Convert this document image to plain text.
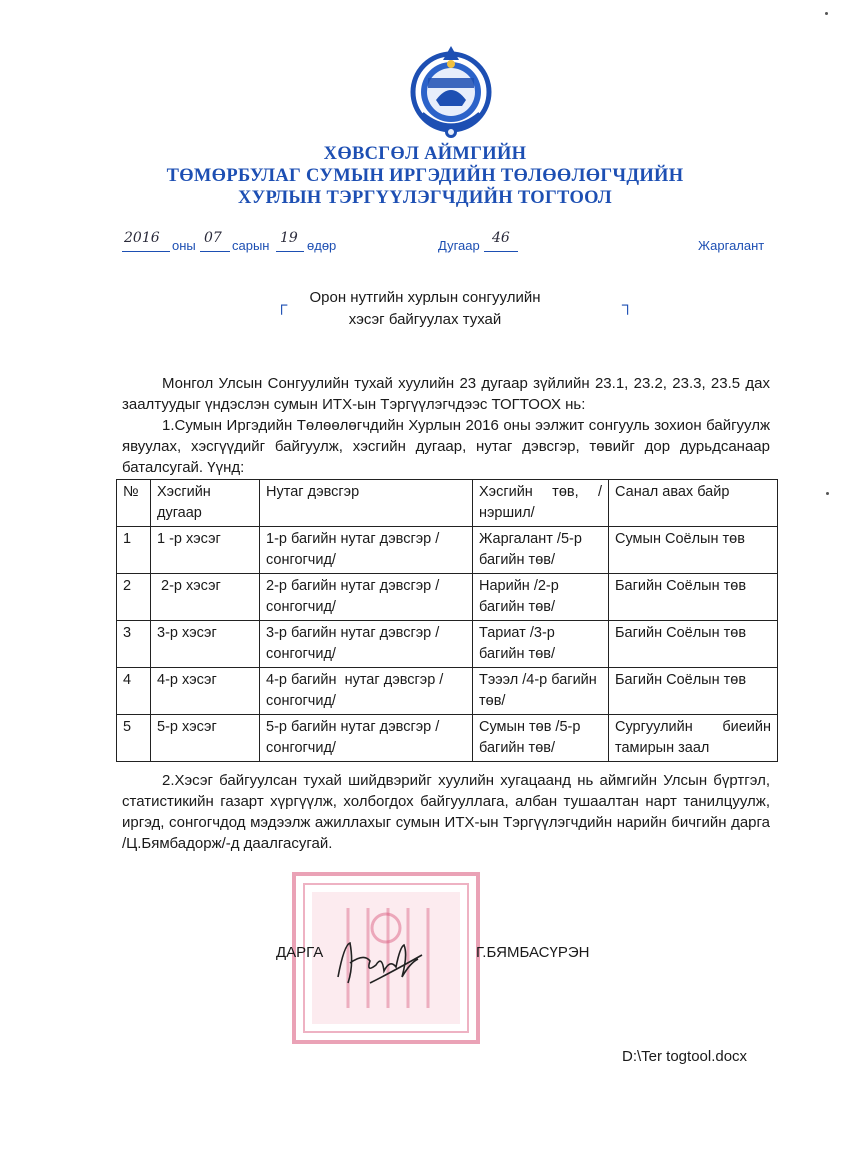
ХӨВСГӨЛ АЙМГИЙН
ТӨМӨРБУЛАГ СУМЫН ИРГЭДИЙН ТӨЛӨӨЛӨГЧДИЙН
ХУРЛЫН ТЭРГҮҮЛЭГЧДИЙН ТОГТООЛ
2016 оны 07 сарын 19 өдөр	Дугаар 46	Жаргалант
┌	┐
Орон нутгийн хурлын сонгуулийн
хэсэг байгуулах тухай
Монгол Улсын Сонгуулийн тухай хуулийн 23 дугаар зүйлийн 23.1, 23.2, 23.3, 23.5 дах заалтуудыг үндэслэн сумын ИТХ-ын Тэргүүлэгчдээс ТОГТООХ нь:
1.Сумын Иргэдийн Төлөөлөгчдийн Хурлын 2016 оны ээлжит сонгууль зохион байгуулж явуулах, хэсгүүдийг байгуулж, хэсгийн дугаар, нутаг дэвсгэр, төвийг дор дурьдсанаар баталсугай. Үүнд:
№	Хэсгийн дугаар	Нутаг дэвсгэр	Хэсгийн төв, /нэршил/	Санал авах байр
1	1 -р хэсэг	1-р багийн нутаг дэвсгэр /сонгогчид/	Жаргалант /5-р багийн төв/	Сумын Соёлын төв
2	2-р хэсэг	2-р багийн нутаг дэвсгэр /сонгогчид/	Нарийн /2-р багийн төв/	Багийн Соёлын төв
3	3-р хэсэг	3-р багийн нутаг дэвсгэр /сонгогчид/	Тариат /3-р багийн төв/	Багийн Соёлын төв
4	4-р хэсэг	4-р багийн  нутаг дэвсгэр /сонгогчид/	Тэээл /4-р багийн төв/	Багийн Соёлын төв
5	5-р хэсэг	5-р багийн нутаг дэвсгэр /сонгогчид/	Сумын төв /5-р багийн төв/	Сургуулийн биеийн тамирын заал
2.Хэсэг байгуулсан тухай шийдвэрийг хуулийн хугацаанд нь аймгийн Улсын бүртгэл, статистикийн газарт хүргүүлж, холбогдох байгууллага, албан тушаалтан нарт танилцуулж, иргэд, сонгогчдод мэдээлж ажиллахыг сумын ИТХ-ын Тэргүүлэгчдийн нарийн бичгийн дарга /Ц.Бямбадорж/-д даалгасугай.
ДАРГА	Г.БЯМБАСҮРЭН
D:\Ter togtool.docx
